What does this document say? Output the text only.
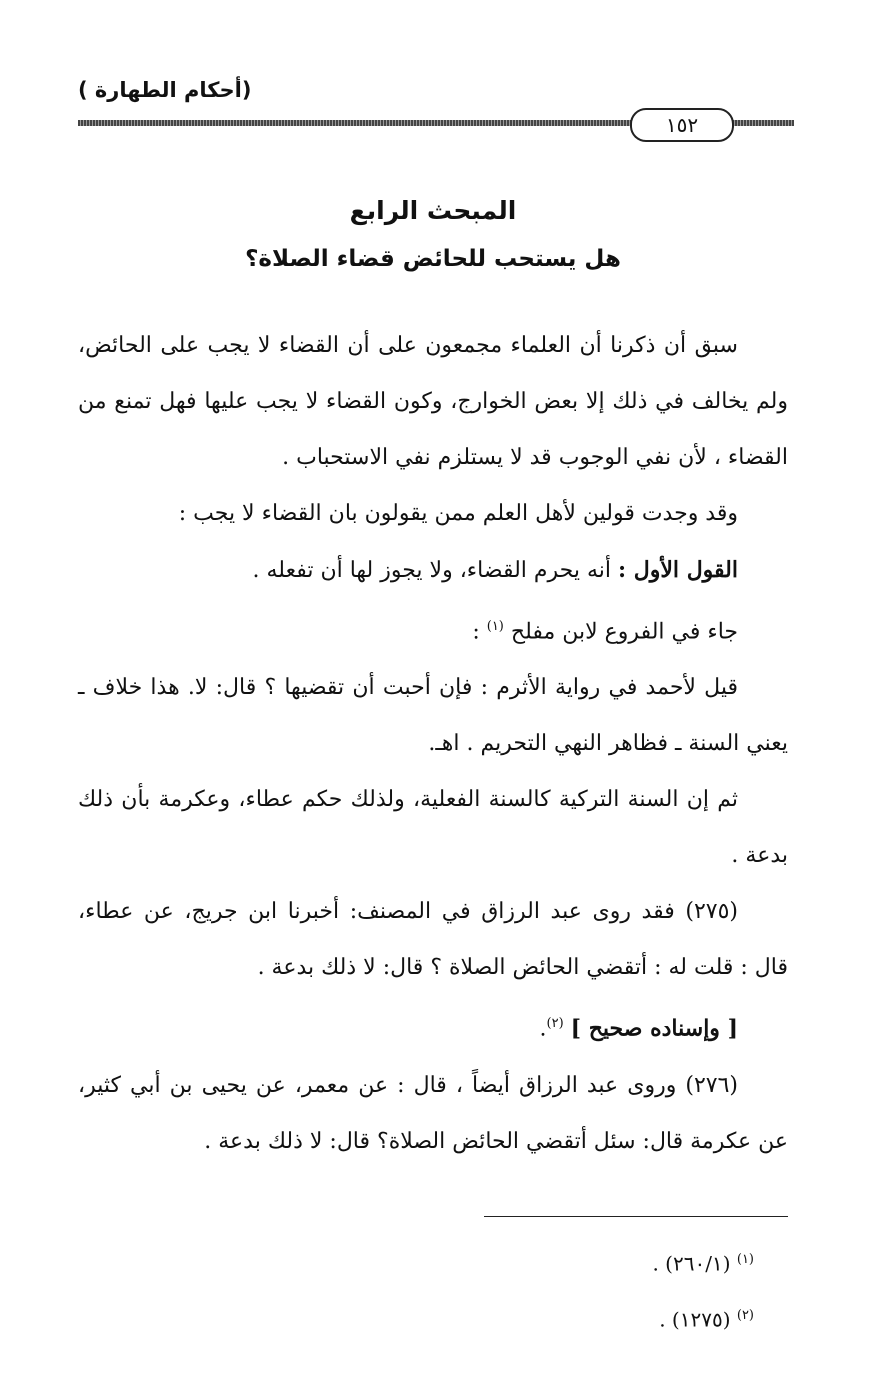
(أحكام الطهارة )
١٥٢
المبحث الرابع
هل يستحب للحائض قضاء الصلاة؟

سبق أن ذكرنا أن العلماء مجمعون على أن القضاء لا يجب على الحائض، ولم يخالف في ذلك إلا بعض الخوارج، وكون القضاء لا يجب عليها فهل تمنع من القضاء ، لأن نفي الوجوب قد لا يستلزم نفي الاستحباب .

وقد وجدت قولين لأهل العلم ممن يقولون بان القضاء لا يجب :

القول الأول : أنه يحرم القضاء، ولا يجوز لها أن تفعله .

جاء في الفروع لابن مفلح $^{(١)}$ :

قيل لأحمد في رواية الأثرم : فإن أحبت أن تقضيها ؟ قال: لا. هذا خلاف ـ يعني السنة ـ فظاهر النهي التحريم . اهـ.

ثم إن السنة التركية كالسنة الفعلية، ولذلك حكم عطاء، وعكرمة بأن ذلك بدعة .

(٢٧٥) فقد روى عبد الرزاق في المصنف: أخبرنا ابن جريج، عن عطاء، قال : قلت له : أتقضي الحائض الصلاة ؟ قال: لا ذلك بدعة .

[ وإسناده صحيح ] $^{(٢)}$.

(٢٧٦) وروى عبد الرزاق أيضاً ، قال : عن معمر، عن يحيى بن أبي كثير، عن عكرمة قال: سئل أتقضي الحائض الصلاة؟ قال: لا ذلك بدعة .

$^{(١)}$ (٢٦٠/١) .
$^{(٢)}$ (١٢٧٥) .
